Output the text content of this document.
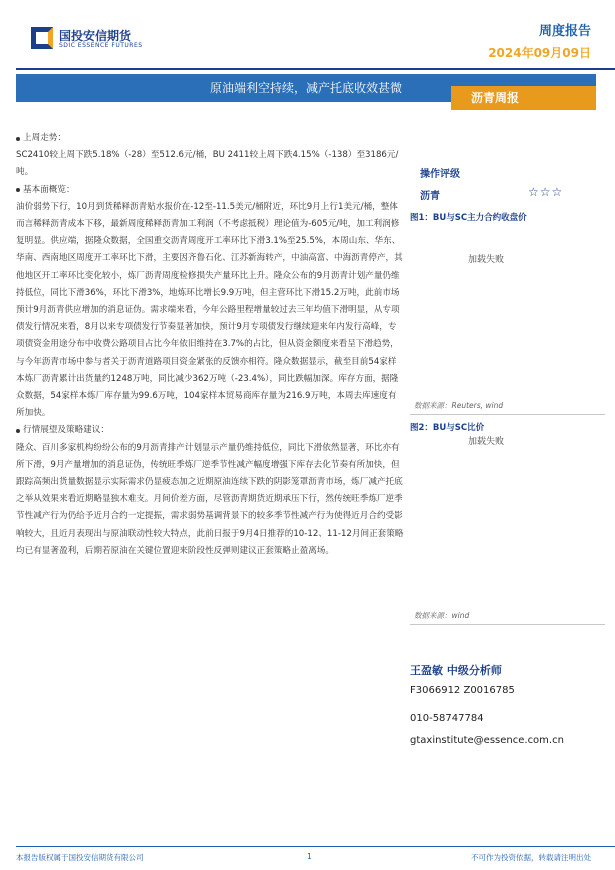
国投安信期货
SDIC ESSENCE FUTURES
周度报告
2024年09月09日
原油端利空持续，减产托底收效甚微
沥青周报
上周走势：

SC2410较上周下跌5.18%（-28）至512.6元/桶，BU 2411较上周下跌4.15%（-138）至3186元/吨。

基本面概览：

油价弱势下行，10月到货稀释沥青贴水报价在-12至-11.5美元/桶附近，环比9月上行1美元/桶，整体而言稀释沥青成本下移，最新周度稀释沥青加工利润（不考虑抵税）理论值为-605元/吨，加工利润修复明显。供应端，据隆众数据，全国重交沥青周度开工率环比下滑3.1%至25.5%，本周山东、华东、华南、西南地区周度开工率环比下滑，主要因齐鲁石化、江苏新海转产，中油高富、中海沥青停产，其他地区开工率环比变化较小，炼厂沥青周度检修损失产量环比上升。隆众公布的9月沥青计划产量仍维持低位，同比下滑36%，环比下滑3%，地炼环比增长9.9万吨，但主营环比下滑15.2万吨，此前市场预计9月沥青供应增加的消息证伪。需求端来看，今年公路里程增量较过去三年均值下滑明显，从专项债发行情况来看，8月以来专项债发行节奏显著加快，预计9月专项债发行继续迎来年内发行高峰，专项债资金用途分布中收费公路项目占比今年依旧维持在3.7%的占比，但从资金额度来看呈下滑趋势，与今年沥青市场中参与者关于沥青道路项目资金紧张的反馈亦相符。隆众数据显示，截至目前54家样本炼厂沥青累计出货量约1248万吨，同比减少362万吨（-23.4%），同比跌幅加深。库存方面，据隆众数据，54家样本炼厂库存量为99.6万吨，104家样本贸易商库存量为216.9万吨，本周去库速度有所加快。

行情展望及策略建议：

隆众、百川多家机构纷纷公布的9月沥青排产计划显示产量仍维持低位，同比下滑依然显著，环比亦有所下滑，9月产量增加的消息证伪，传统旺季炼厂逆季节性减产幅度增强下库存去化节奏有所加快，但跟踪高频出货量数据显示实际需求仍显疲态加之近期原油连续下跌的阴影笼罩沥青市场，炼厂减产托底之举从效果来看近期略显独木难支。月间价差方面，尽管沥青期货近期承压下行，然传统旺季炼厂逆季节性减产行为仍给予近月合约一定提振，需求弱势基调背景下的较多季节性减产行为使得近月合约受影响较大，且近月表现出与原油联动性较大特点，此前日报于9月4日推荐的10-12、11-12月间正套策略均已有显著盈利，后期若原油在关键位置迎来阶段性反弹则建议正套策略止盈离场。

操作评级
沥青	☆☆☆
图1：BU与SC主力合约收盘价
加载失败
数据来源：Reuters, wind
图2：BU与SC比价
加载失败
数据来源：wind
王盈敏 中级分析师
F3066912 Z0016785
010-58747784
gtaxinstitute@essence.com.cn
本报告版权属于国投安信期货有限公司	1	不可作为投资依据，转载请注明出处
